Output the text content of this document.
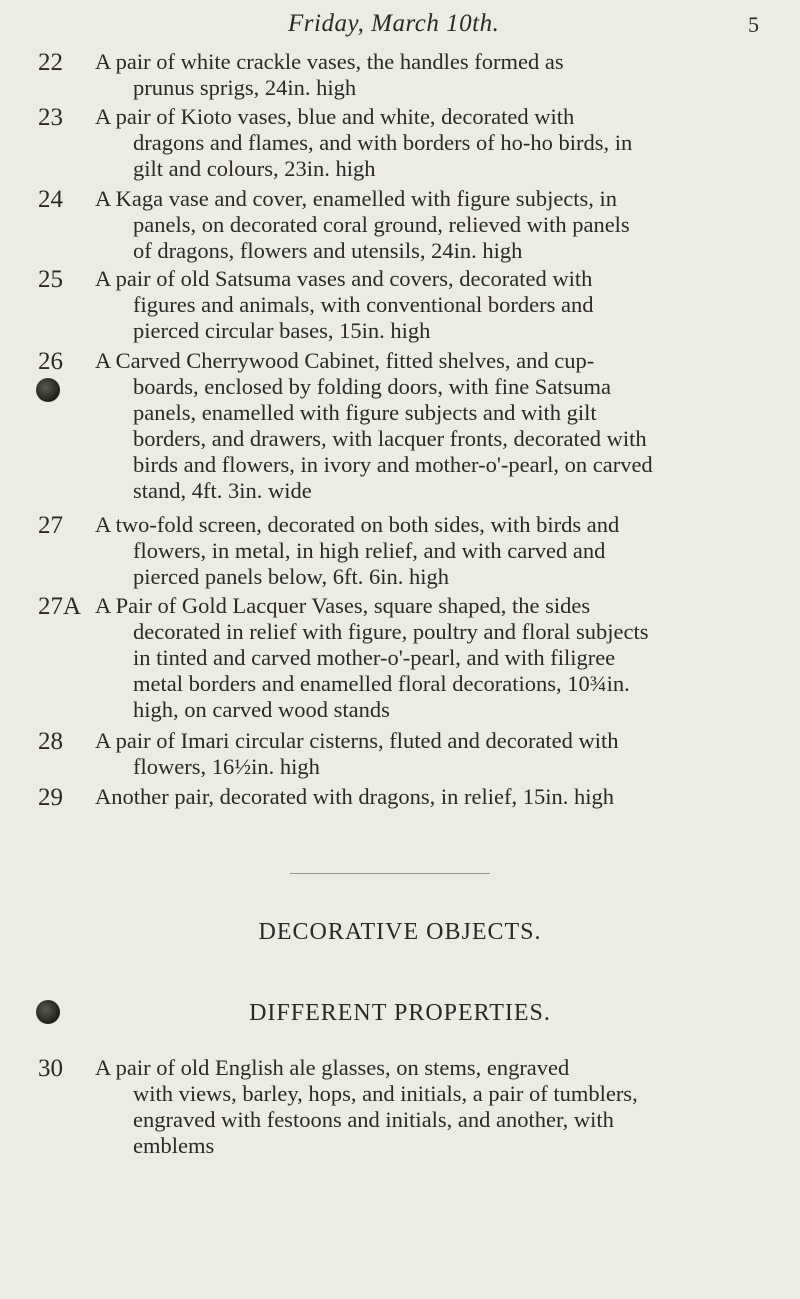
Friday, March 10th.	5
22 A pair of white crackle vases, the handles formed as
prunus sprigs, 24in. high
23 A pair of Kioto vases, blue and white, decorated with
dragons and flames, and with borders of ho-ho birds, in
gilt and colours, 23in. high
24 A Kaga vase and cover, enamelled with figure subjects, in
panels, on decorated coral ground, relieved with panels
of dragons, flowers and utensils, 24in. high
25 A pair of old Satsuma vases and covers, decorated with
figures and animals, with conventional borders and
pierced circular bases, 15in. high
26 A Carved Cherrywood Cabinet, fitted shelves, and cup-
boards, enclosed by folding doors, with fine Satsuma
panels, enamelled with figure subjects and with gilt
borders, and drawers, with lacquer fronts, decorated with
birds and flowers, in ivory and mother-o'-pearl, on carved
stand, 4ft. 3in. wide
27 A two-fold screen, decorated on both sides, with birds and
flowers, in metal, in high relief, and with carved and
pierced panels below, 6ft. 6in. high
27A A Pair of Gold Lacquer Vases, square shaped, the sides
decorated in relief with figure, poultry and floral subjects
in tinted and carved mother-o'-pearl, and with filigree
metal borders and enamelled floral decorations, 10¾in.
high, on carved wood stands
28 A pair of Imari circular cisterns, fluted and decorated with
flowers, 16½in. high
29 Another pair, decorated with dragons, in relief, 15in. high
DECORATIVE OBJECTS.
DIFFERENT PROPERTIES.
30 A pair of old English ale glasses, on stems, engraved
with views, barley, hops, and initials, a pair of tumblers,
engraved with festoons and initials, and another, with
emblems
